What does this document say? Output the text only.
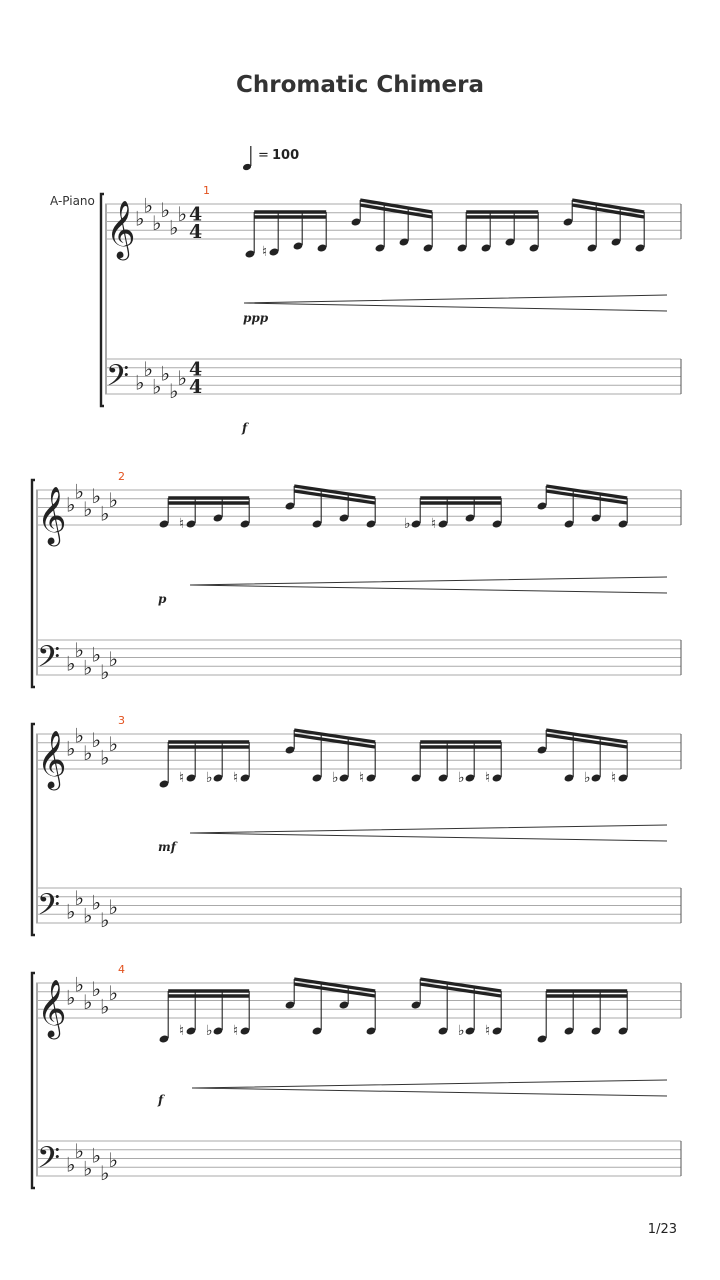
Chromatic Chimera
A-Piano
= 100
𝄞
𝄢
♭
♭
♭
♭
♭
♭
♭
♭
♭
♭
♭
♭
4
4
4
4
1
♮
ppp
f
𝄞
𝄢
♭
♭
♭
♭
♭
♭
♭
♭
♭
♭
♭
♭
2
♮	♭ ♮
p
𝄞
𝄢
♭
♭
♭
♭
♭
♭
♭
♭
♭
♭
♭
♭
3
♮ ♭ ♮	♭ ♮	♭ ♮	♭ ♮
mf
𝄞
𝄢
♭
♭
♭
♭
♭
♭
♭
♭
♭
♭
♭
♭
4
♮ ♭ ♮	♭ ♮
f
1/23
